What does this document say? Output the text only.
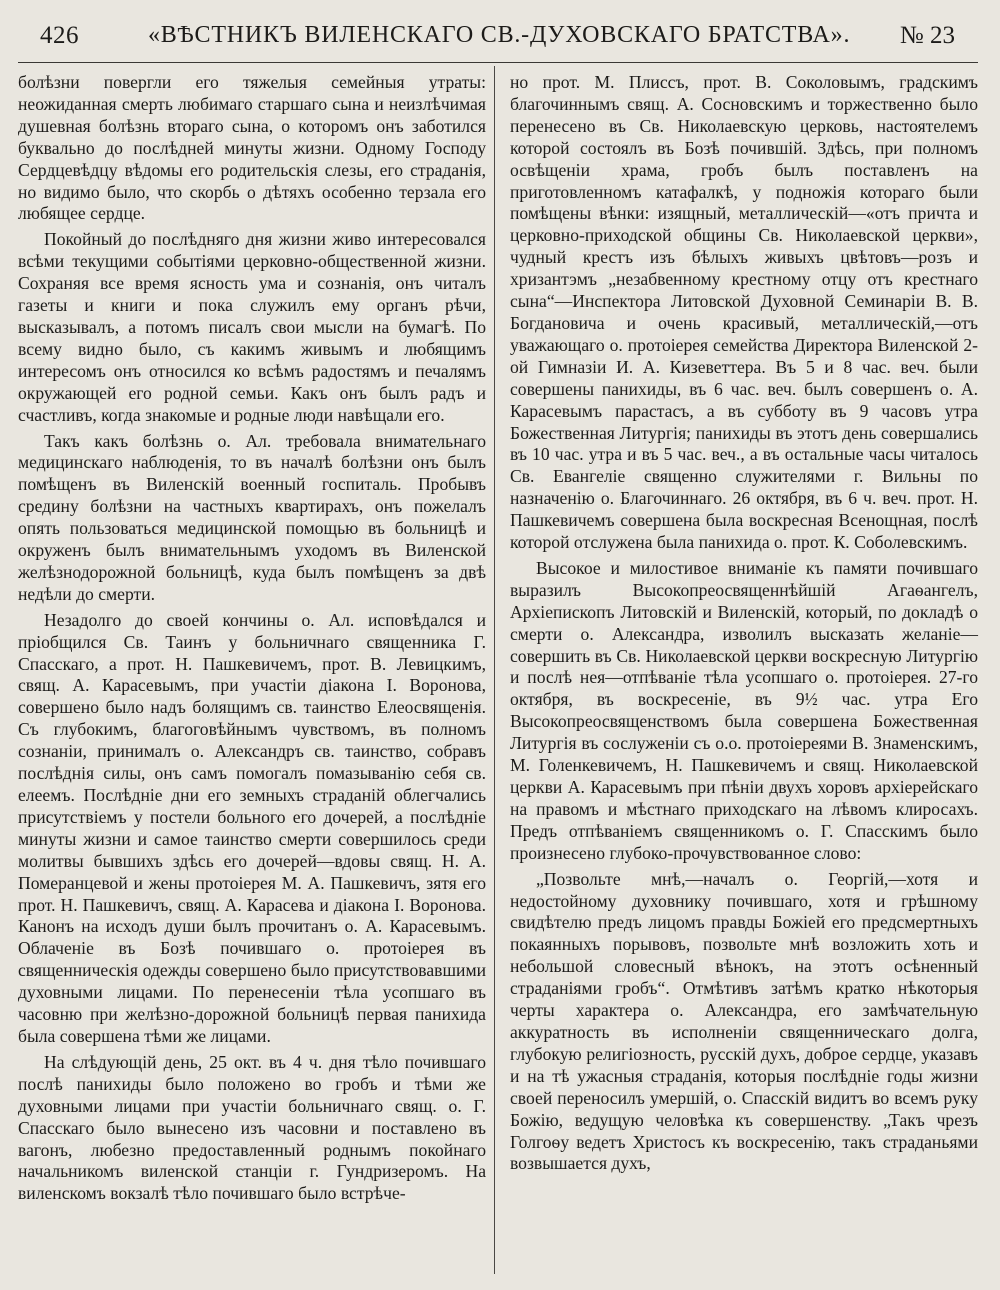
426	«ВѢСТНИКЪ ВИЛЕНСКАГО СВ.-ДУХОВСКАГО БРАТСТВА». № 23

болѣзни повергли его тяжелыя семейныя утраты: неожиданная смерть любимаго старшаго сына и неизлѣчимая душевная болѣзнь втораго сына, о которомъ онъ заботился буквально до послѣдней минуты жизни. Одному Господу Сердцевѣдцу вѣдомы его родительскія слезы, его страданія, но видимо было, что скорбь о дѣтяхъ особенно терзала его любящее сердце.

Покойный до послѣдняго дня жизни живо интересовался всѣми текущими событіями церковно-общественной жизни. Сохраняя все время ясность ума и сознанія, онъ читалъ газеты и книги и пока служилъ ему органъ рѣчи, высказывалъ, а потомъ писалъ свои мысли на бумагѣ. По всему видно было, съ какимъ живымъ и любящимъ интересомъ онъ относился ко всѣмъ радостямъ и печалямъ окружающей его родной семьи. Какъ онъ былъ радъ и счастливъ, когда знакомые и родные люди навѣщали его.

Такъ какъ болѣзнь о. Ал. требовала внимательнаго медицинскаго наблюденія, то въ началѣ болѣзни онъ былъ помѣщенъ въ Виленскій военный госпиталь. Пробывъ средину болѣзни на частныхъ квартирахъ, онъ пожелалъ опять пользоваться медицинской помощью въ больницѣ и окруженъ былъ внимательнымъ уходомъ въ Виленской желѣзнодорожной больницѣ, куда былъ помѣщенъ за двѣ недѣли до смерти.

Незадолго до своей кончины о. Ал. исповѣдался и пріобщился Св. Таинъ у больничнаго священника Г. Спасскаго, а прот. Н. Пашкевичемъ, прот. В. Левицкимъ, свящ. А. Карасевымъ, при участіи діакона І. Воронова, совершено было надъ болящимъ св. таинство Елеосвященія. Съ глубокимъ, благоговѣйнымъ чувствомъ, въ полномъ сознаніи, принималъ о. Александръ св. таинство, собравъ послѣднія силы, онъ самъ помогалъ помазыванію себя св. елеемъ. Послѣдніе дни его земныхъ страданій облегчались присутствіемъ у постели больного его дочерей, а послѣдніе минуты жизни и самое таинство смерти совершилось среди молитвы бывшихъ здѣсь его дочерей—вдовы свящ. Н. А. Померанцевой и жены протоіерея М. А. Пашкевичъ, зятя его прот. Н. Пашкевичъ, свящ. А. Карасева и діакона І. Воронова. Канонъ на исходъ души былъ прочитанъ о. А. Карасевымъ. Облаченіе въ Бозѣ почившаго о. протоіерея въ священническія одежды совершено было присутствовавшими духовными лицами. По перенесеніи тѣла усопшаго въ часовню при желѣзно-дорожной больницѣ первая панихида была совершена тѣми же лицами.

На слѣдующій день, 25 окт. въ 4 ч. дня тѣло почившаго послѣ панихиды было положено во гробъ и тѣми же духовными лицами при участіи больничнаго свящ. о. Г. Спасскаго было вынесено изъ часовни и поставлено въ вагонъ, любезно предоставленный роднымъ покойнаго начальникомъ виленской станціи г. Гундризеромъ. На виленскомъ вокзалѣ тѣло почившаго было встрѣче-

но прот. М. Плиссъ, прот. В. Соколовымъ, градскимъ благочиннымъ свящ. А. Сосновскимъ и торжественно было перенесено въ Св. Николаевскую церковь, настоятелемъ которой состоялъ въ Бозѣ почившій. Здѣсь, при полномъ освѣщеніи храма, гробъ былъ поставленъ на приготовленномъ катафалкѣ, у подножія котораго были помѣщены вѣнки: изящный, металлическій—«отъ причта и церковно-приходской общины Св. Николаевской церкви», чудный крестъ изъ бѣлыхъ живыхъ цвѣтовъ—розъ и хризантэмъ „незабвенному крестному отцу отъ крестнаго сына“—Инспектора Литовской Духовной Семинаріи В. В. Богдановича и очень красивый, металлическій,—отъ уважающаго о. протоіерея семейства Директора Виленской 2-ой Гимназіи И. А. Кизеветтера. Въ 5 и 8 час. веч. были совершены панихиды, въ 6 час. веч. былъ совершенъ о. А. Карасевымъ парастасъ, а въ субботу въ 9 часовъ утра Божественная Литургія; панихиды въ этотъ день совершались въ 10 час. утра и въ 5 час. веч., а въ остальные часы читалось Св. Евангеліе священно служителями г. Вильны по назначенію о. Благочиннаго. 26 октября, въ 6 ч. веч. прот. Н. Пашкевичемъ совершена была воскресная Всенощная, послѣ которой отслужена была панихида о. прот. К. Соболевскимъ.

Высокое и милостивое вниманіе къ памяти почившаго выразилъ Высокопреосвященнѣйшій Агаѳангелъ, Архіепископъ Литовскій и Виленскій, который, по докладѣ о смерти о. Александра, изволилъ высказать желаніе—совершить въ Св. Николаевской церкви воскресную Литургію и послѣ нея—отпѣваніе тѣла усопшаго о. протоіерея. 27-го октября, въ воскресеніе, въ 9½ час. утра Его Высокопреосвященствомъ была совершена Божественная Литургія въ сослуженіи съ о.о. протоіереями В. Знаменскимъ, М. Голенкевичемъ, Н. Пашкевичемъ и свящ. Николаевской церкви А. Карасевымъ при пѣніи двухъ хоровъ архіерейскаго на правомъ и мѣстнаго приходскаго на лѣвомъ клиросахъ. Предъ отпѣваніемъ священникомъ о. Г. Спасскимъ было произнесено глубоко-прочувствованное слово:

„Позвольте мнѣ,—началъ о. Георгій,—хотя и недостойному духовнику почившаго, хотя и грѣшному свидѣтелю предъ лицомъ правды Божіей его предсмертныхъ покаянныхъ порывовъ, позвольте мнѣ возложить хоть и небольшой словесный вѣнокъ, на этотъ осѣненный страданіями гробъ“. Отмѣтивъ затѣмъ кратко нѣкоторыя черты характера о. Александра, его замѣчательную аккуратность въ исполненіи священническаго долга, глубокую религіозность, русскій духъ, доброе сердце, указавъ и на тѣ ужасныя страданія, которыя послѣдніе годы жизни своей переносилъ умершій, о. Спасскій видитъ во всемъ руку Божію, ведущую человѣка къ совершенству. „Такъ чрезъ Голгоѳу ведетъ Христосъ къ воскресенію, такъ страданьями возвышается духъ,
